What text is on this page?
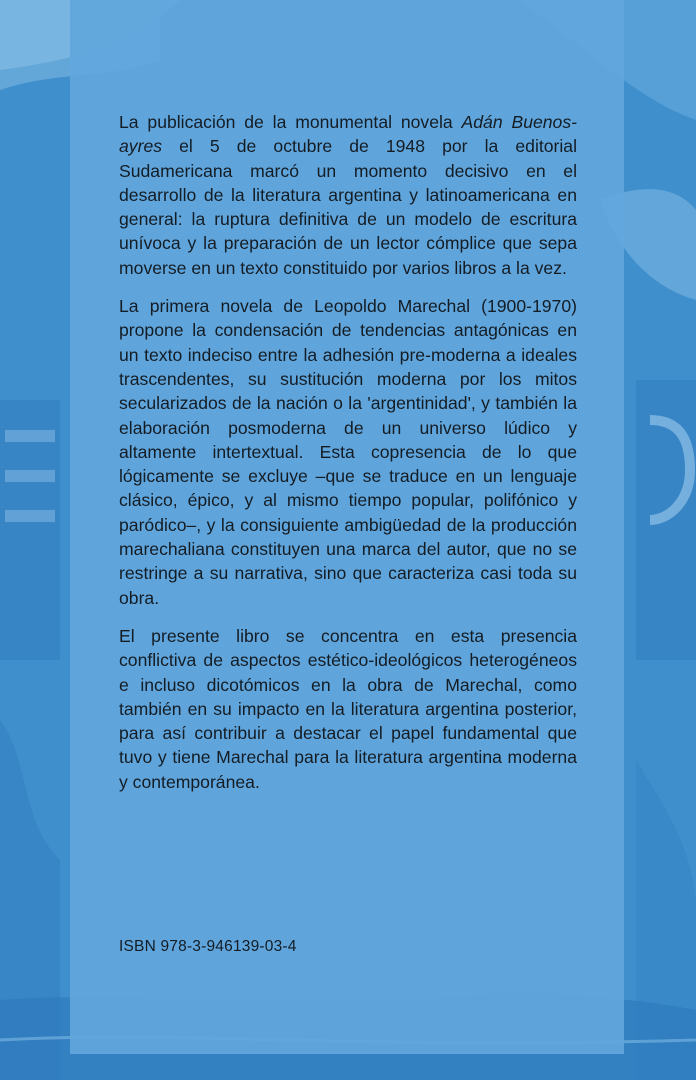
La publicación de la monumental novela Adán Buenos-ayres el 5 de octubre de 1948 por la editorial Sudamericana marcó un momento decisivo en el desarrollo de la literatura argentina y latinoamericana en general: la ruptura definitiva de un modelo de escritura unívoca y la preparación de un lector cómplice que sepa moverse en un texto constituido por varios libros a la vez.

La primera novela de Leopoldo Marechal (1900-1970) propone la condensación de tendencias antagónicas en un texto indeciso entre la adhesión pre-moderna a ideales trascendentes, su sustitución moderna por los mitos secularizados de la nación o la 'argentinidad', y también la elaboración posmoderna de un universo lúdico y altamente intertextual. Esta copresencia de lo que lógicamente se excluye –que se traduce en un lenguaje clásico, épico, y al mismo tiempo popular, polifónico y paródico–, y la consiguiente ambigüedad de la producción marechaliana constituyen una marca del autor, que no se restringe a su narrativa, sino que caracteriza casi toda su obra.

El presente libro se concentra en esta presencia conflictiva de aspectos estético-ideológicos heterogéneos e incluso dicotómicos en la obra de Marechal, como también en su impacto en la literatura argentina posterior, para así contribuir a destacar el papel fundamental que tuvo y tiene Marechal para la literatura argentina moderna y contemporánea.

ISBN 978-3-946139-03-4
